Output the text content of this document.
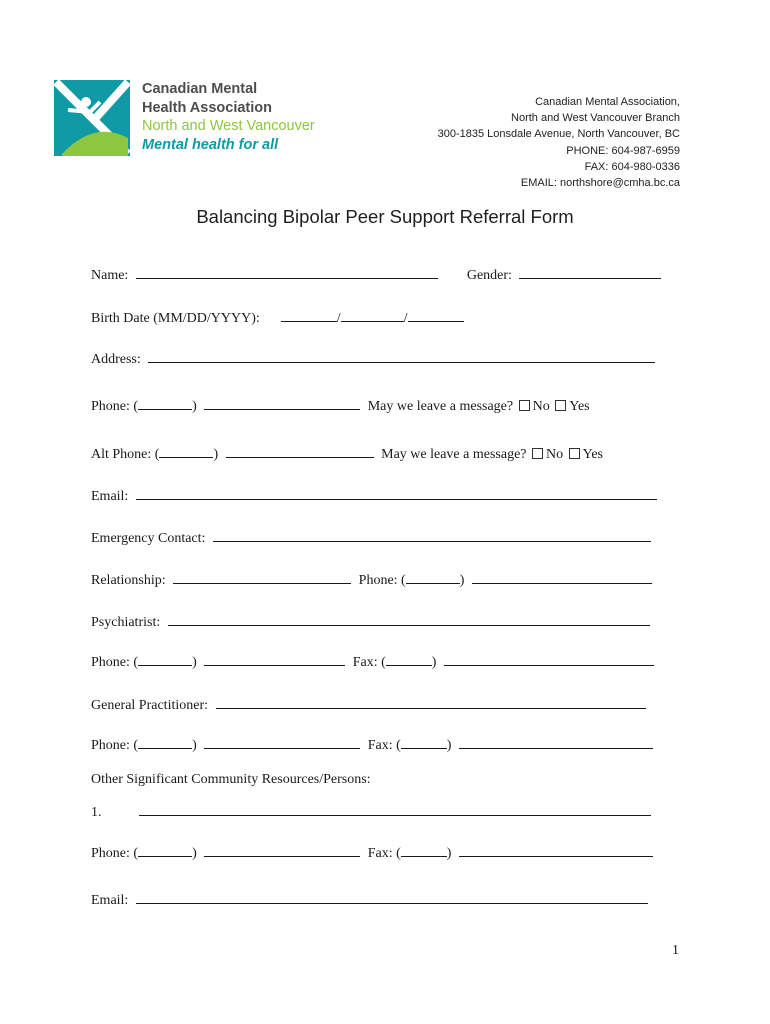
Canadian Mental
Health Association
North and West Vancouver
Mental health for all
Canadian Mental Association,
North and West Vancouver Branch
300-1835 Lonsdale Avenue, North Vancouver, BC
PHONE: 604-987-6959
FAX: 604-980-0336
EMAIL: northshore@cmha.bc.ca
Balancing Bipolar Peer Support Referral Form
Name:	Gender:
Birth Date (MM/DD/YYYY):	/	/
Address:
Phone: (	)	May we leave a message? No Yes
Alt Phone: (	)	May we leave a message? No Yes
Email:
Emergency Contact:
Relationship:	Phone: (	)
Psychiatrist:
Phone: (	)	Fax: (	)
General Practitioner:
Phone: (	)	Fax: (	)
Other Significant Community Resources/Persons:
1.
Phone: (	)	Fax: (	)
Email:
1
